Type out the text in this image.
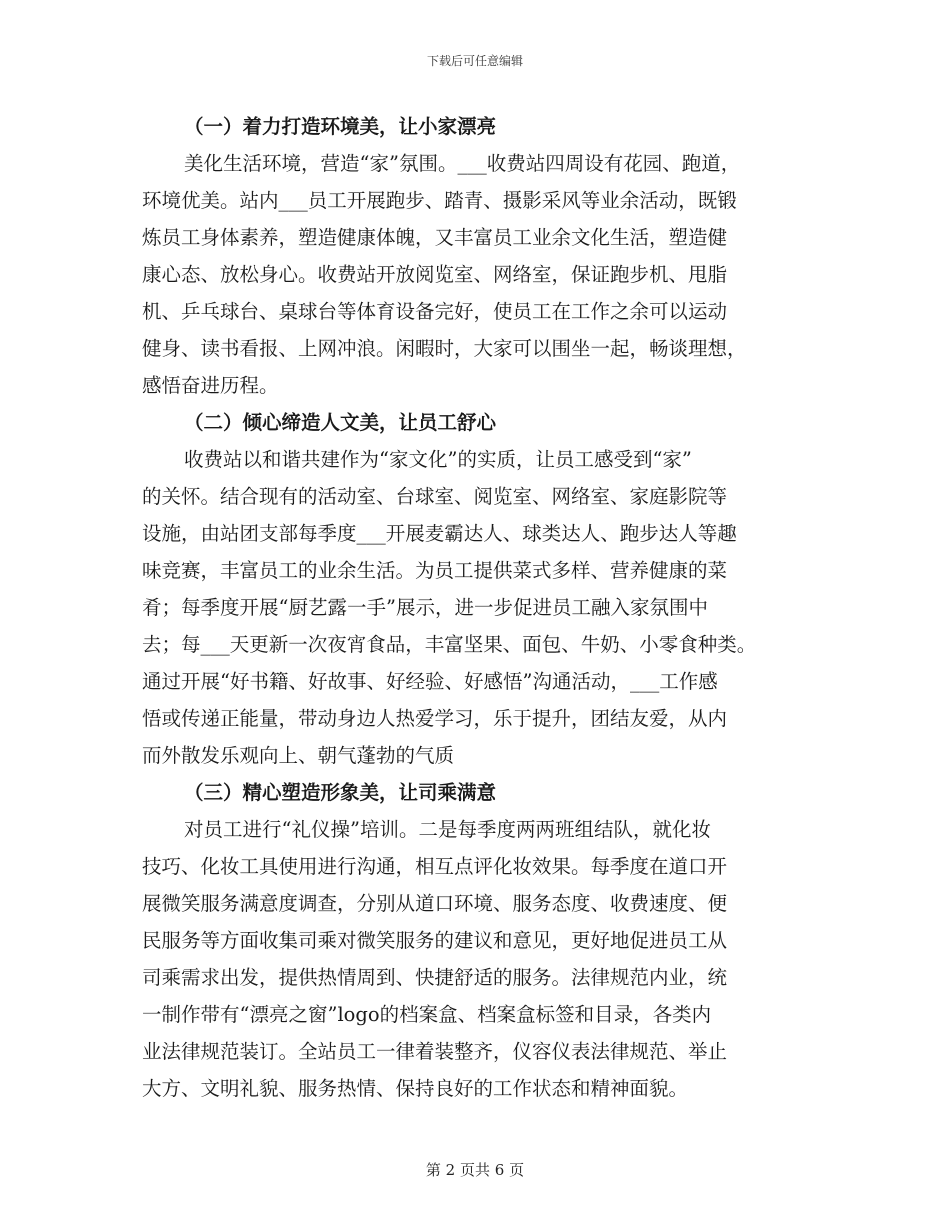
下载后可任意编辑
（一）着力打造环境美，让小家漂亮
美化生活环境，营造“家”氛围。___收费站四周设有花园、跑道，
环境优美。站内___员工开展跑步、踏青、摄影采风等业余活动，既锻
炼员工身体素养，塑造健康体魄，又丰富员工业余文化生活，塑造健
康心态、放松身心。收费站开放阅览室、网络室，保证跑步机、甩脂
机、乒乓球台、桌球台等体育设备完好，使员工在工作之余可以运动
健身、读书看报、上网冲浪。闲暇时，大家可以围坐一起，畅谈理想，
感悟奋进历程。
（二）倾心缔造人文美，让员工舒心
收费站以和谐共建作为“家文化”的实质，让员工感受到“家”
的关怀。结合现有的活动室、台球室、阅览室、网络室、家庭影院等
设施，由站团支部每季度___开展麦霸达人、球类达人、跑步达人等趣
味竞赛，丰富员工的业余生活。为员工提供菜式多样、营养健康的菜
肴；每季度开展“厨艺露一手”展示，进一步促进员工融入家氛围中
去；每___天更新一次夜宵食品，丰富坚果、面包、牛奶、小零食种类。
通过开展“好书籍、好故事、好经验、好感悟”沟通活动，___工作感
悟或传递正能量，带动身边人热爱学习，乐于提升，团结友爱，从内
而外散发乐观向上、朝气蓬勃的气质
（三）精心塑造形象美，让司乘满意
对员工进行“礼仪操”培训。二是每季度两两班组结队，就化妆
技巧、化妆工具使用进行沟通，相互点评化妆效果。每季度在道口开
展微笑服务满意度调查，分别从道口环境、服务态度、收费速度、便
民服务等方面收集司乘对微笑服务的建议和意见，更好地促进员工从
司乘需求出发，提供热情周到、快捷舒适的服务。法律规范内业，统
一制作带有“漂亮之窗”logo的档案盒、档案盒标签和目录，各类内
业法律规范装订。全站员工一律着装整齐，仪容仪表法律规范、举止
大方、文明礼貌、服务热情、保持良好的工作状态和精神面貌。
第 2 页共 6 页
